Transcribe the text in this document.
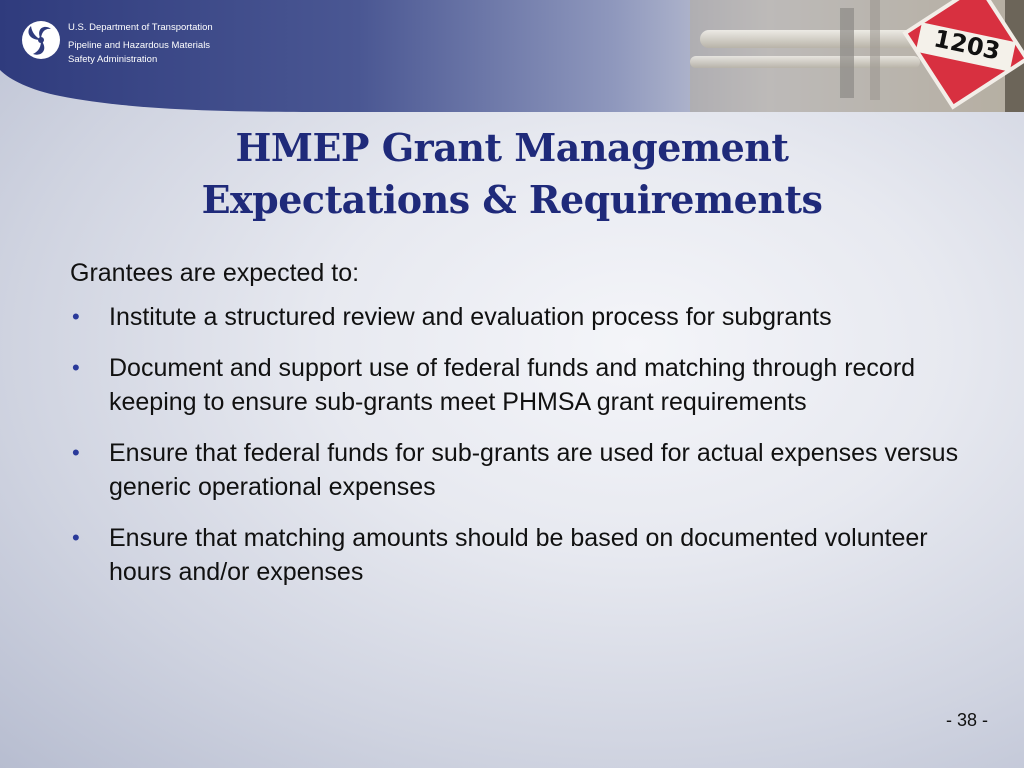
U.S. Department of Transportation
Pipeline and Hazardous Materials
Safety Administration	1203
HMEP Grant Management
Expectations & Requirements

Grantees are expected to:

• Institute a structured review and evaluation process for subgrants
• Document and support use of federal funds and matching through record keeping to ensure sub-grants meet PHMSA grant requirements
• Ensure that federal funds for sub-grants are used for actual expenses versus generic operational expenses
• Ensure that matching amounts should be based on documented volunteer hours and/or expenses
- 38 -
